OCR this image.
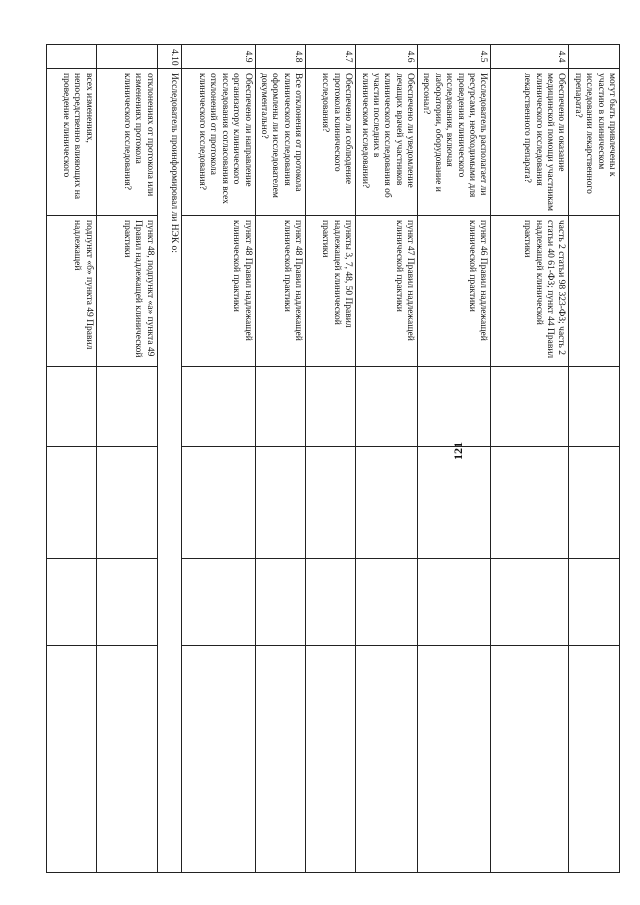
121
	могут быть привлечены к участию в клиническом исследовании лекарственного препарата?					
4.4	Обеспечено ли оказание медицинской помощи участникам клинического исследования лекарственного препарата?	часть 2 статьи 98 323-ФЗ; часть 2 статьи 40 61-ФЗ; пункт 44 Правил надлежащей клинической практики				
4.5	Исследователь располагает ли ресурсами, необходимыми для проведения клинического исследования, включая лаборатории, оборудование и персонал?	пункт 46 Правил надлежащей клинической практики				
4.6	Обеспечено ли уведомление лечащих врачей участников клинического исследования об участии последних в клиническом исследовании?	пункт 47 Правил надлежащей клинической практики				
4.7	Обеспечено ли соблюдение протокола клинического исследования?	пункты 3, 7, 48, 50 Правил надлежащей клинической практики				
4.8	Все отклонения от протокола клинического исследования оформлены ли исследователем документально?	пункт 48 Правил надлежащей клинической практики				
4.9	Обеспечено ли направление организатору клинического исследования согласования всех отклонений от протокола клинического исследования?	пункт 48 Правил надлежащей клинической практики				
4.10	Исследователь проинформировал ли НЭК о:					
	отклонениях от протокола или изменениях протокола клинического исследования?	пункт 48, подпункт «а» пункта 49 Правил надлежащей клинической практики				
	всех изменениях, непосредственно влияющих на проведение клинического	подпункт «б» пункта 49 Правил надлежащей				
